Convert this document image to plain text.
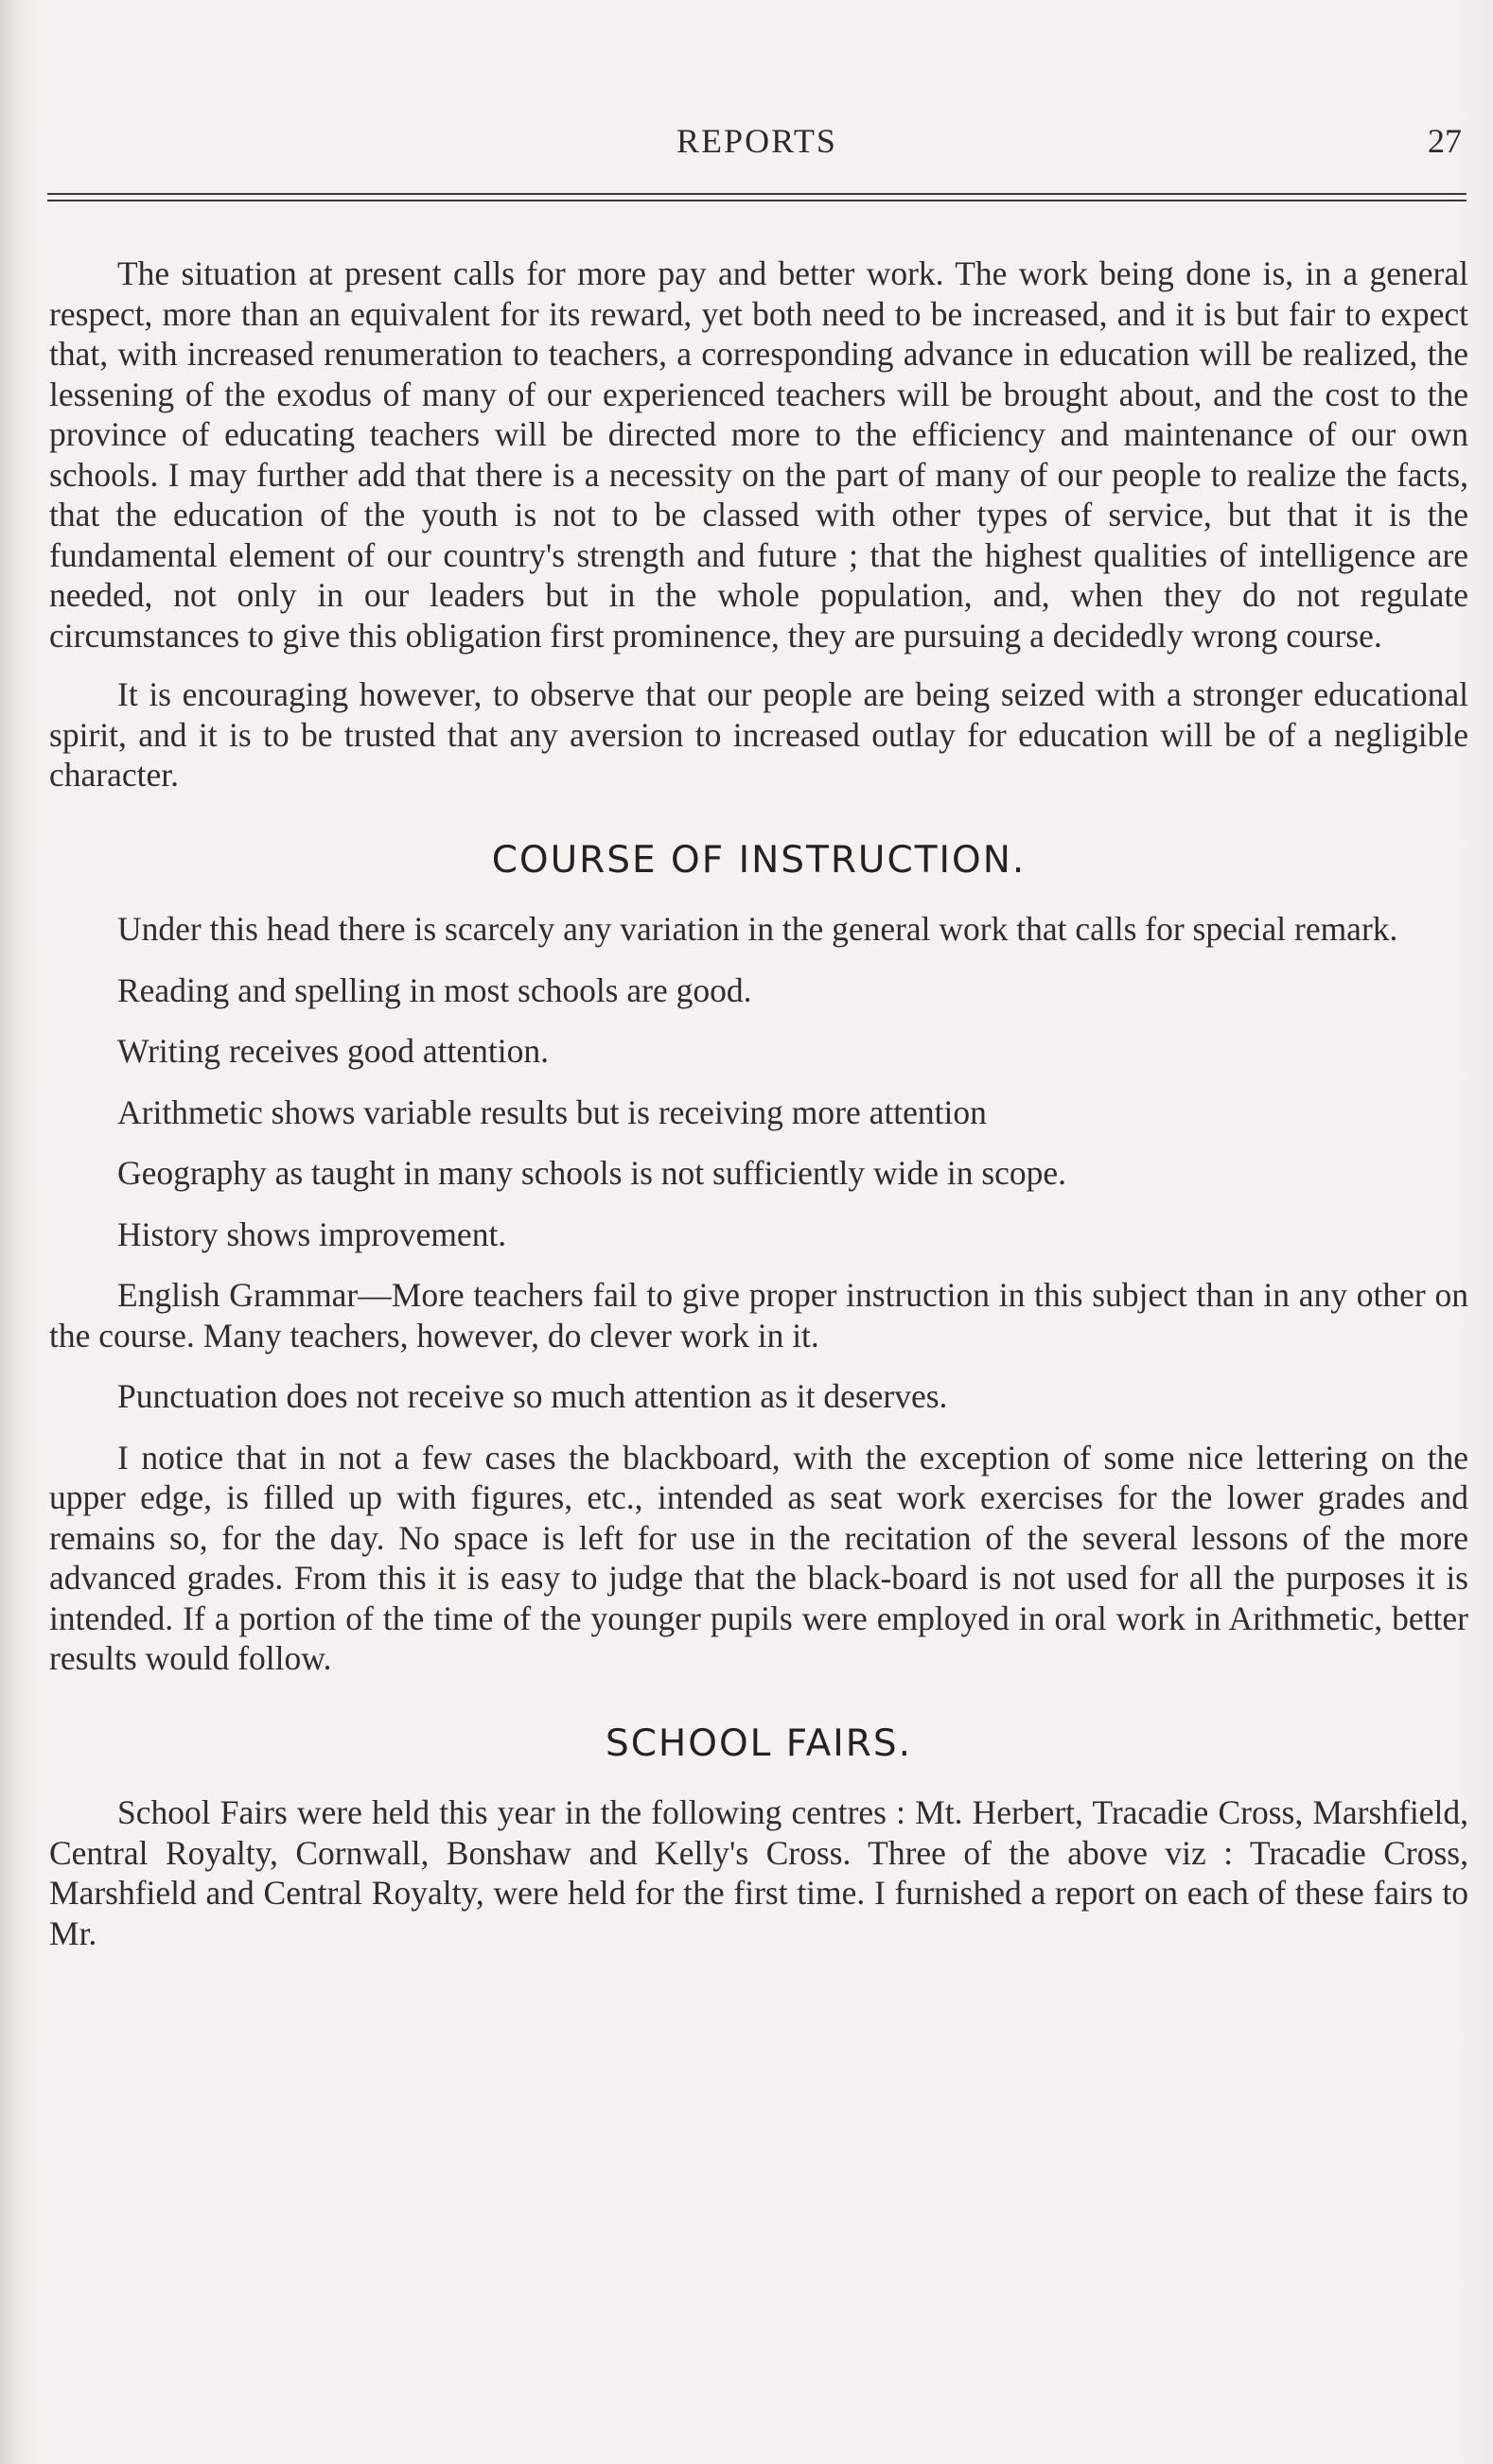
REPORTS	27

The situation at present calls for more pay and better work. The work being done is, in a general respect, more than an equivalent for its reward, yet both need to be increased, and it is but fair to expect that, with increased renumeration to teachers, a corresponding advance in education will be realized, the lessening of the exodus of many of our experienced teachers will be brought about, and the cost to the province of educating teachers will be directed more to the efficiency and maintenance of our own schools. I may further add that there is a necessity on the part of many of our people to realize the facts, that the education of the youth is not to be classed with other types of service, but that it is the fundamental element of our country's strength and future ; that the highest qualities of intelligence are needed, not only in our leaders but in the whole population, and, when they do not regulate circumstances to give this obligation first prominence, they are pursuing a decidedly wrong course.

It is encouraging however, to observe that our people are being seized with a stronger educational spirit, and it is to be trusted that any aversion to increased outlay for education will be of a negligible character.

COURSE OF INSTRUCTION.

Under this head there is scarcely any variation in the general work that calls for special remark.

Reading and spelling in most schools are good.

Writing receives good attention.

Arithmetic shows variable results but is receiving more attention

Geography as taught in many schools is not sufficiently wide in scope.

History shows improvement.

English Grammar—More teachers fail to give proper instruction in this subject than in any other on the course. Many teachers, however, do clever work in it.

Punctuation does not receive so much attention as it deserves.

I notice that in not a few cases the blackboard, with the exception of some nice lettering on the upper edge, is filled up with figures, etc., intended as seat work exercises for the lower grades and remains so, for the day. No space is left for use in the recitation of the several lessons of the more advanced grades. From this it is easy to judge that the black-board is not used for all the purposes it is intended. If a portion of the time of the younger pupils were employed in oral work in Arithmetic, better results would follow.

SCHOOL FAIRS.

School Fairs were held this year in the following centres : Mt. Herbert, Tracadie Cross, Marshfield, Central Royalty, Cornwall, Bonshaw and Kelly's Cross. Three of the above viz : Tracadie Cross, Marshfield and Central Royalty, were held for the first time. I furnished a report on each of these fairs to Mr.
